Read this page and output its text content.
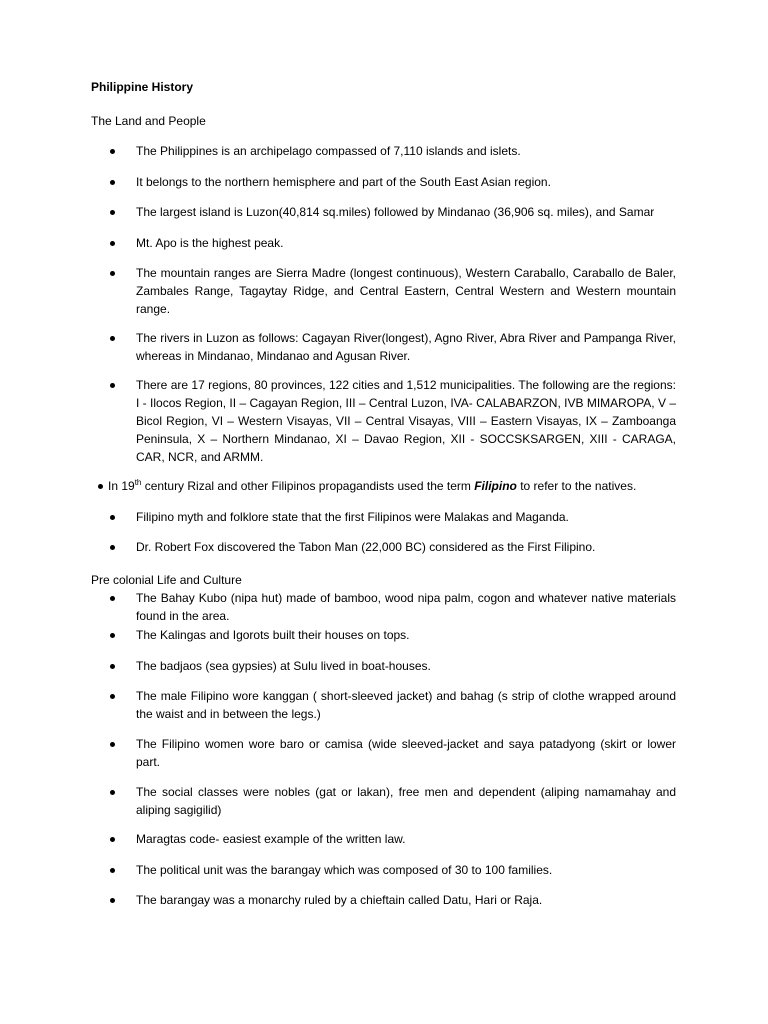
Philippine History
The Land and People
The Philippines is an archipelago compassed of 7,110 islands and islets.
It belongs to the northern hemisphere and part of the South East Asian region.
The largest island is Luzon(40,814 sq.miles) followed by Mindanao (36,906 sq. miles), and Samar
Mt. Apo is the highest peak.
The mountain ranges are Sierra Madre (longest continuous), Western Caraballo, Caraballo de Baler, Zambales Range, Tagaytay Ridge, and Central Eastern, Central Western and Western mountain range.
The rivers in Luzon as follows: Cagayan River(longest), Agno River, Abra River and Pampanga River, whereas in Mindanao, Mindanao and Agusan River.
There are 17 regions, 80 provinces, 122 cities and 1,512 municipalities. The following are the regions: I - Ilocos Region, II – Cagayan Region, III – Central Luzon, IVA- CALABARZON, IVB MIMAROPA, V – Bicol Region, VI – Western Visayas, VII – Central Visayas, VIII – Eastern Visayas, IX – Zamboanga Peninsula, X – Northern Mindanao, XI – Davao Region, XII - SOCCSKSARGEN, XIII - CARAGA, CAR, NCR, and ARMM.
In 19th century Rizal and other Filipinos propagandists used the term Filipino to refer to the natives.
Filipino myth and folklore state that the first Filipinos were Malakas and Maganda.
Dr. Robert Fox discovered the Tabon Man (22,000 BC) considered as the First Filipino.
Pre colonial Life and Culture
The Bahay Kubo (nipa hut) made of bamboo, wood nipa palm, cogon and whatever native materials found in the area.
The Kalingas and Igorots built their houses on tops.
The badjaos (sea gypsies) at Sulu lived in boat-houses.
The male Filipino wore kanggan ( short-sleeved jacket) and bahag (s strip of clothe wrapped around the waist and in between the legs.)
The Filipino women wore baro or camisa (wide sleeved-jacket and saya patadyong (skirt or lower part.
The social classes were nobles (gat or lakan), free men and dependent (aliping namamahay and aliping sagigilid)
Maragtas code- easiest example of the written law.
The political unit was the barangay which was composed of 30 to 100 families.
The barangay was a monarchy ruled by a chieftain called Datu, Hari or Raja.
